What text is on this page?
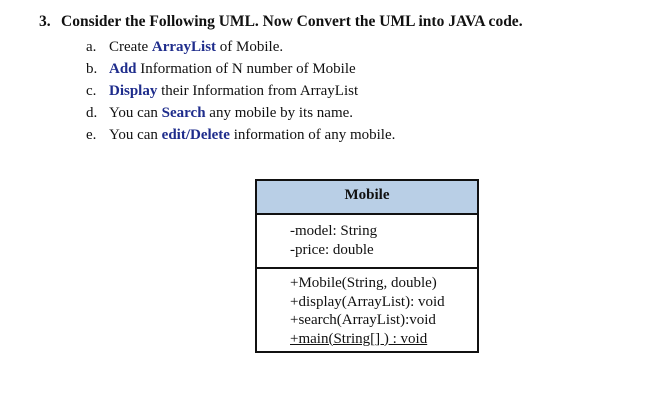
3. Consider the Following UML. Now Convert the UML into JAVA code.
a. Create ArrayList of Mobile.
b. Add Information of N number of Mobile
c. Display their Information from ArrayList
d. You can Search any mobile by its name.
e. You can edit/Delete information of any mobile.
Mobile
-model: String
-price: double
+Mobile(String, double)
+display(ArrayList): void
+search(ArrayList):void
+main(String[] ) : void
